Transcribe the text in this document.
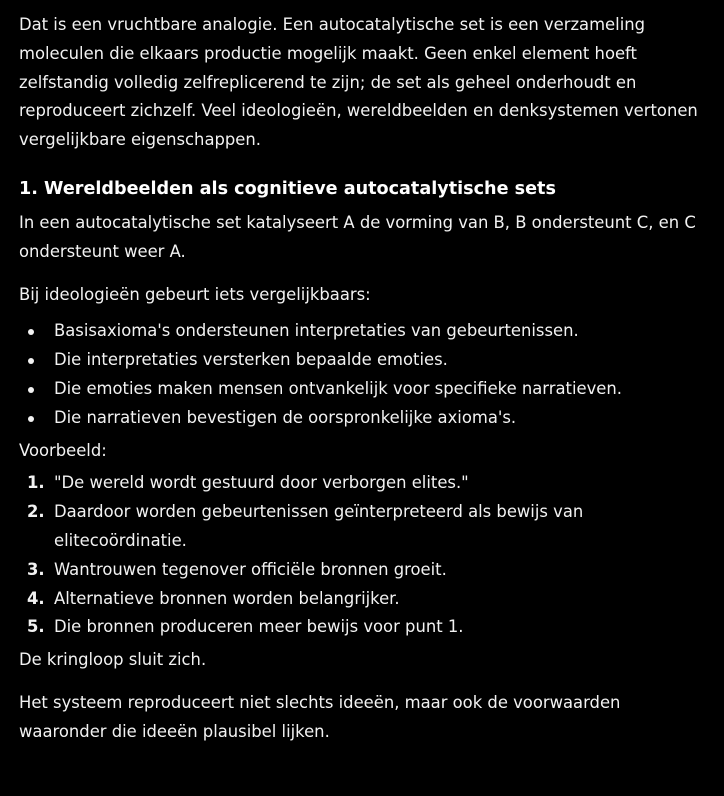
Dat is een vruchtbare analogie. Een autocatalytische set is een verzameling moleculen die elkaars productie mogelijk maakt. Geen enkel element hoeft zelfstandig volledig zelfreplicerend te zijn; de set als geheel onderhoudt en reproduceert zichzelf. Veel ideologieën, wereldbeelden en denksystemen vertonen vergelijkbare eigenschappen.

1. Wereldbeelden als cognitieve autocatalytische sets

In een autocatalytische set katalyseert A de vorming van B, B ondersteunt C, en C ondersteunt weer A.

Bij ideologieën gebeurt iets vergelijkbaars:

Basisaxioma's ondersteunen interpretaties van gebeurtenissen.
Die interpretaties versterken bepaalde emoties.
Die emoties maken mensen ontvankelijk voor specifieke narratieven.
Die narratieven bevestigen de oorspronkelijke axioma's.

Voorbeeld:

1. "De wereld wordt gestuurd door verborgen elites."
2. Daardoor worden gebeurtenissen geïnterpreteerd als bewijs van elitecoördinatie.
3. Wantrouwen tegenover officiële bronnen groeit.
4. Alternatieve bronnen worden belangrijker.
5. Die bronnen produceren meer bewijs voor punt 1.

De kringloop sluit zich.

Het systeem reproduceert niet slechts ideeën, maar ook de voorwaarden waaronder die ideeën plausibel lijken.
